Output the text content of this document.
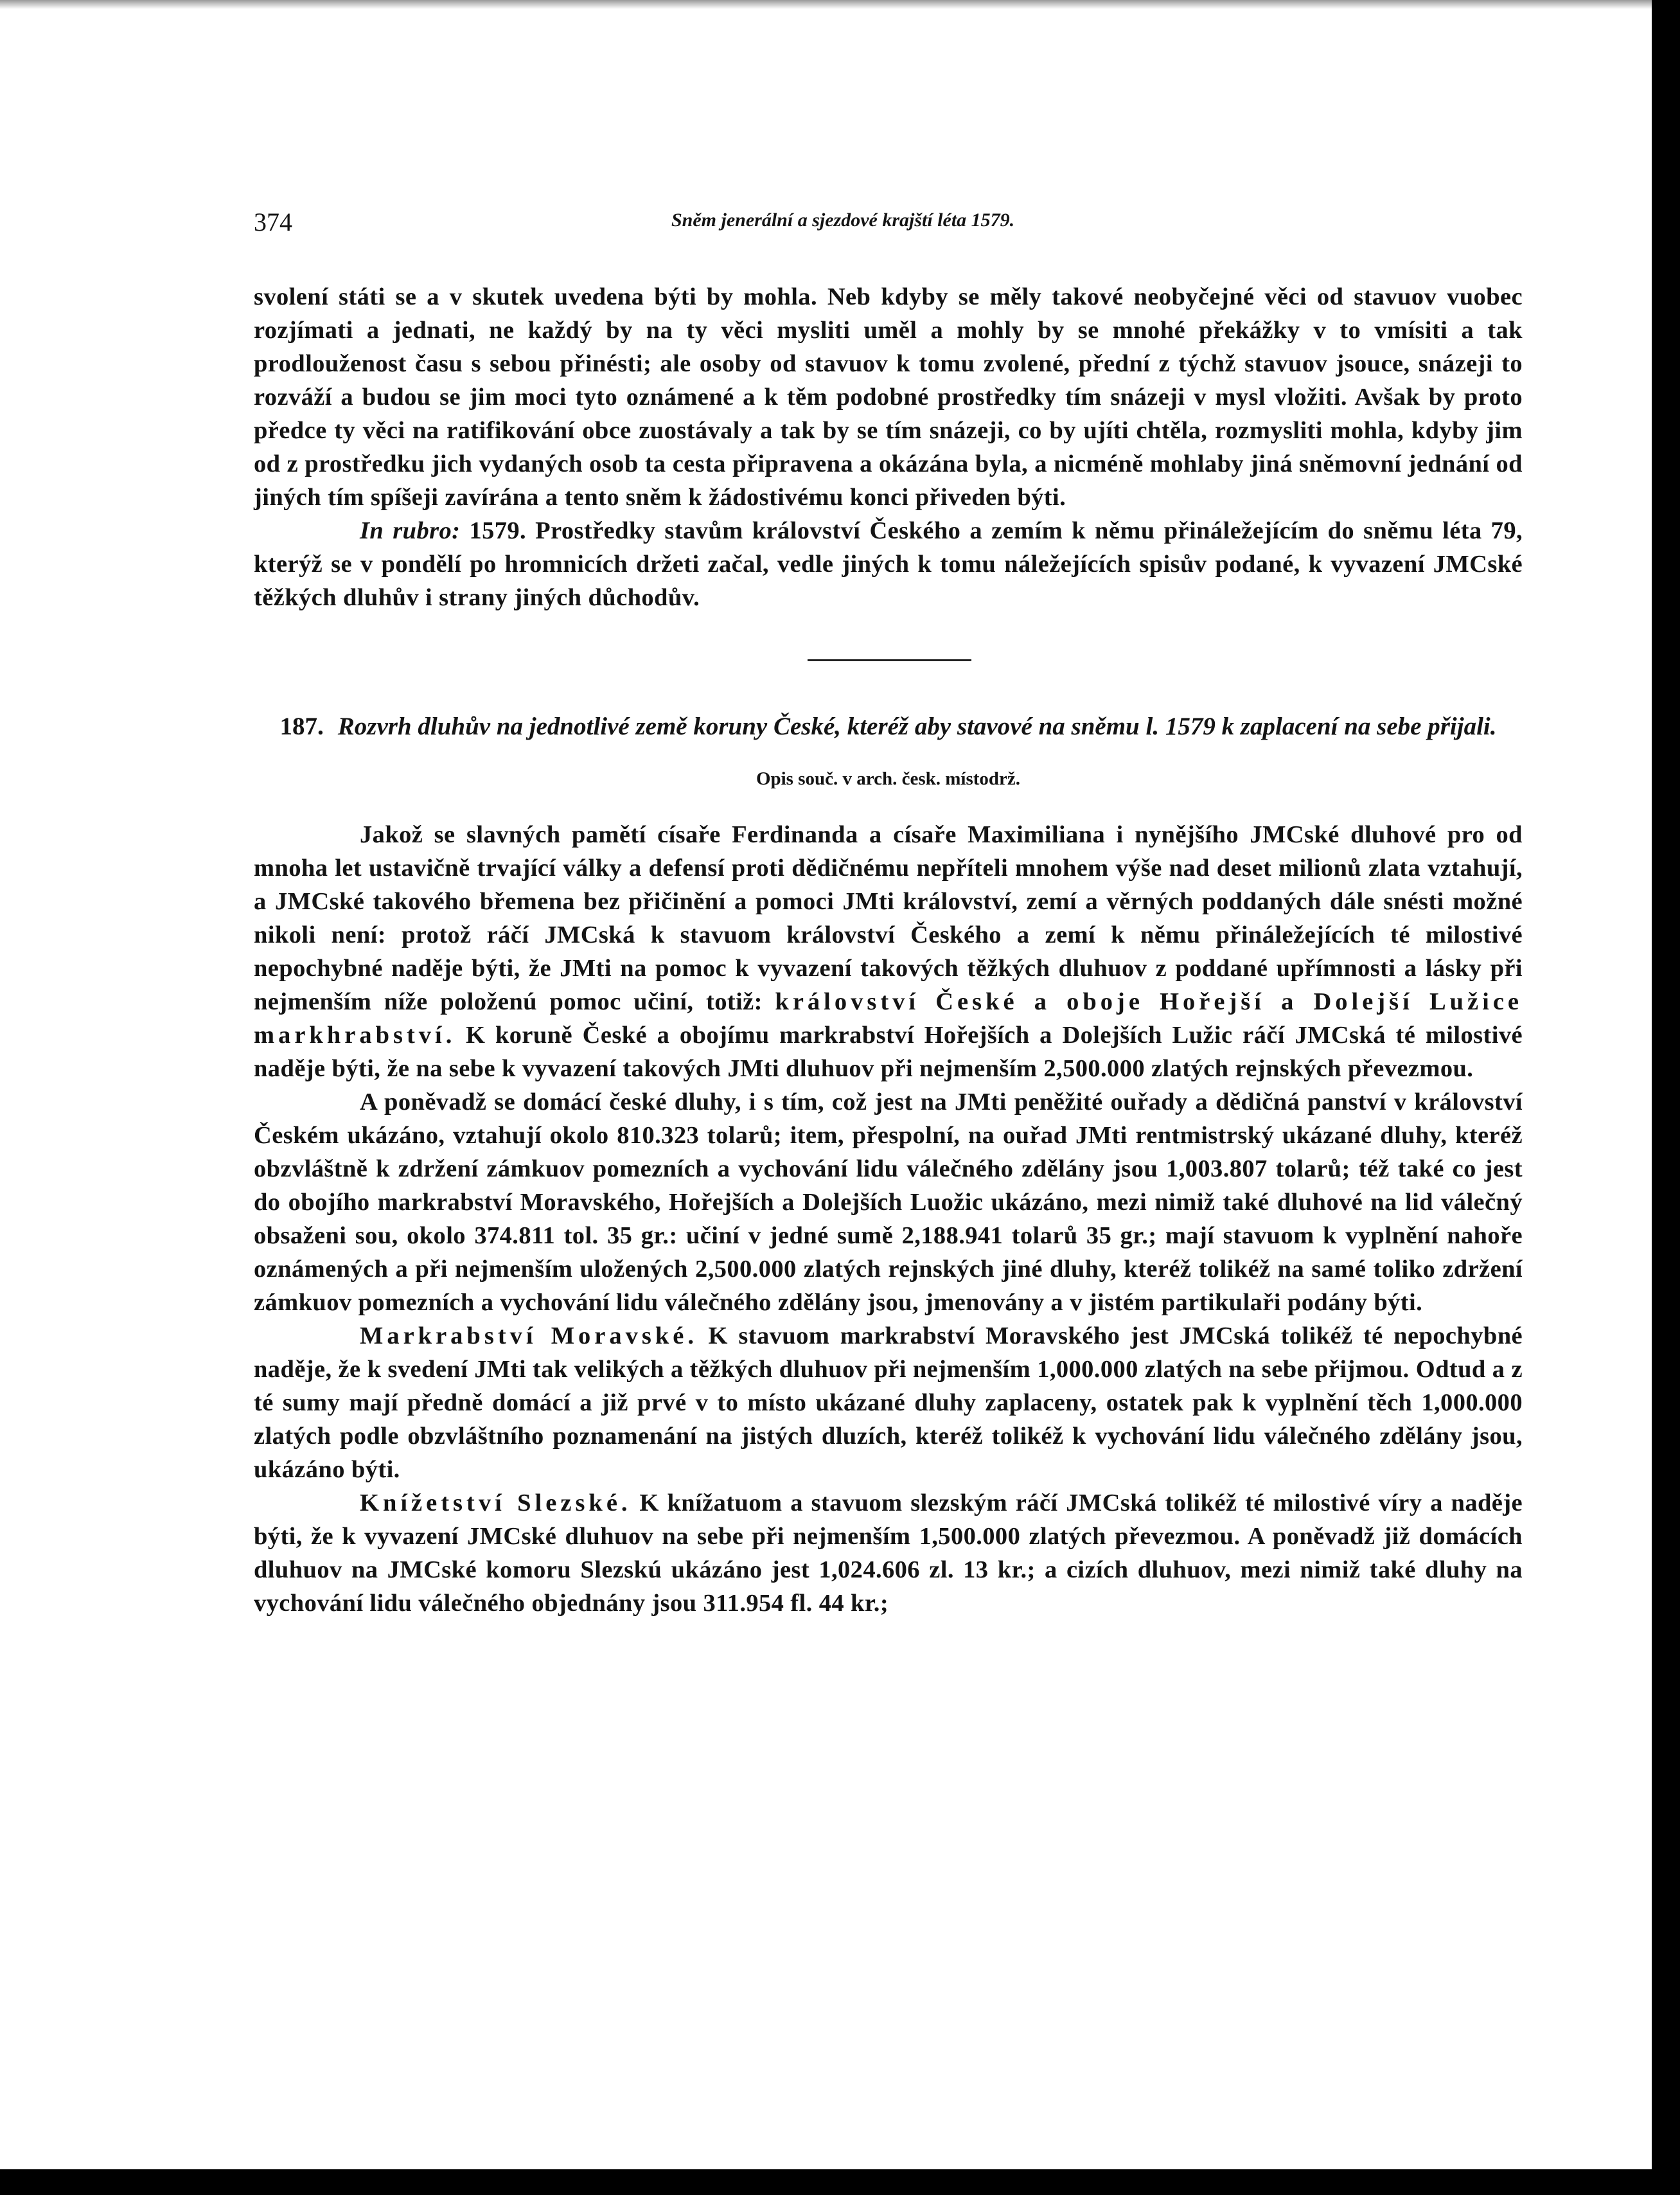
374	Sněm jenerální a sjezdové krajští léta 1579.

svolení státi se a v skutek uvedena býti by mohla. Neb kdyby se měly takové neobyčejné věci od stavuov vuobec rozjímati a jednati, ne každý by na ty věci mysliti uměl a mohly by se mnohé překážky v to vmísiti a tak prodlouženost času s sebou přinésti; ale osoby od stavuov k tomu zvolené, přední z týchž stavuov jsouce, snázeji to rozváží a budou se jim moci tyto oznámené a k těm podobné prostředky tím snázeji v mysl vložiti. Avšak by proto předce ty věci na ratifikování obce zuostávaly a tak by se tím snázeji, co by ujíti chtěla, rozmysliti mohla, kdyby jim od z prostředku jich vydaných osob ta cesta připravena a okázána byla, a nicméně mohlaby jiná sněmovní jednání od jiných tím spíšeji zavírána a tento sněm k žádostivému konci přiveden býti.

In rubro: 1579. Prostředky stavům království Českého a zemím k němu přináležejícím do sněmu léta 79, kterýž se v pondělí po hromnicích držeti začal, vedle jiných k tomu náležejících spisův podané, k vyvazení JMCské těžkých dluhův i strany jiných důchodův.

187. Rozvrh dluhův na jednotlivé země koruny České, kteréž aby stavové na sněmu l. 1579 k zaplacení na sebe přijali.
Opis souč. v arch. česk. místodrž.

Jakož se slavných pamětí císaře Ferdinanda a císaře Maximiliana i nynějšího JMCské dluhové pro od mnoha let ustavičně trvající války a defensí proti dědičnému nepříteli mnohem výše nad deset milionů zlata vztahují, a JMCské takového břemena bez přičinění a pomoci JMti království, zemí a věrných poddaných dále snésti možné nikoli není: protož ráčí JMCská k stavuom království Českého a zemí k němu přináležejících té milostivé nepochybné naděje býti, že JMti na pomoc k vyvazení takových těžkých dluhuov z poddané upřímnosti a lásky při nejmenším níže položenú pomoc učiní, totiž: království České a oboje Hořejší a Dolejší Lužice markhrabství. K koruně České a obojímu markrabství Hořejších a Dolejších Lužic ráčí JMCská té milostivé naděje býti, že na sebe k vyvazení takových JMti dluhuov při nejmenším 2,500.000 zlatých rejnských převezmou.

A poněvadž se domácí české dluhy, i s tím, což jest na JMti peněžité ouřady a dědičná panství v království Českém ukázáno, vztahují okolo 810.323 tolarů; item, přespolní, na ouřad JMti rentmistrský ukázané dluhy, kteréž obzvláštně k zdržení zámkuov pomezních a vychování lidu válečného zdělány jsou 1,003.807 tolarů; též také co jest do obojího markrabství Moravského, Hořejších a Dolejších Luožic ukázáno, mezi nimiž také dluhové na lid válečný obsaženi sou, okolo 374.811 tol. 35 gr.: učiní v jedné sumě 2,188.941 tolarů 35 gr.; mají stavuom k vyplnění nahoře oznámených a při nejmenším uložených 2,500.000 zlatých rejnských jiné dluhy, kteréž tolikéž na samé toliko zdržení zámkuov pomezních a vychování lidu válečného zdělány jsou, jmenovány a v jistém partikulaři podány býti.

Markrabství Moravské. K stavuom markrabství Moravského jest JMCská tolikéž té nepochybné naděje, že k svedení JMti tak velikých a těžkých dluhuov při nejmenším 1,000.000 zlatých na sebe přijmou. Odtud a z té sumy mají předně domácí a již prvé v to místo ukázané dluhy zaplaceny, ostatek pak k vyplnění těch 1,000.000 zlatých podle obzvláštního poznamenání na jistých dluzích, kteréž tolikéž k vychování lidu válečného zdělány jsou, ukázáno býti.

Knížetství Slezské. K knížatuom a stavuom slezským ráčí JMCská tolikéž té milostivé víry a naděje býti, že k vyvazení JMCské dluhuov na sebe při nejmenším 1,500.000 zlatých převezmou. A poněvadž již domácích dluhuov na JMCské komoru Slezskú ukázáno jest 1,024.606 zl. 13 kr.; a cizích dluhuov, mezi nimiž také dluhy na vychování lidu válečného objednány jsou 311.954 fl. 44 kr.;
